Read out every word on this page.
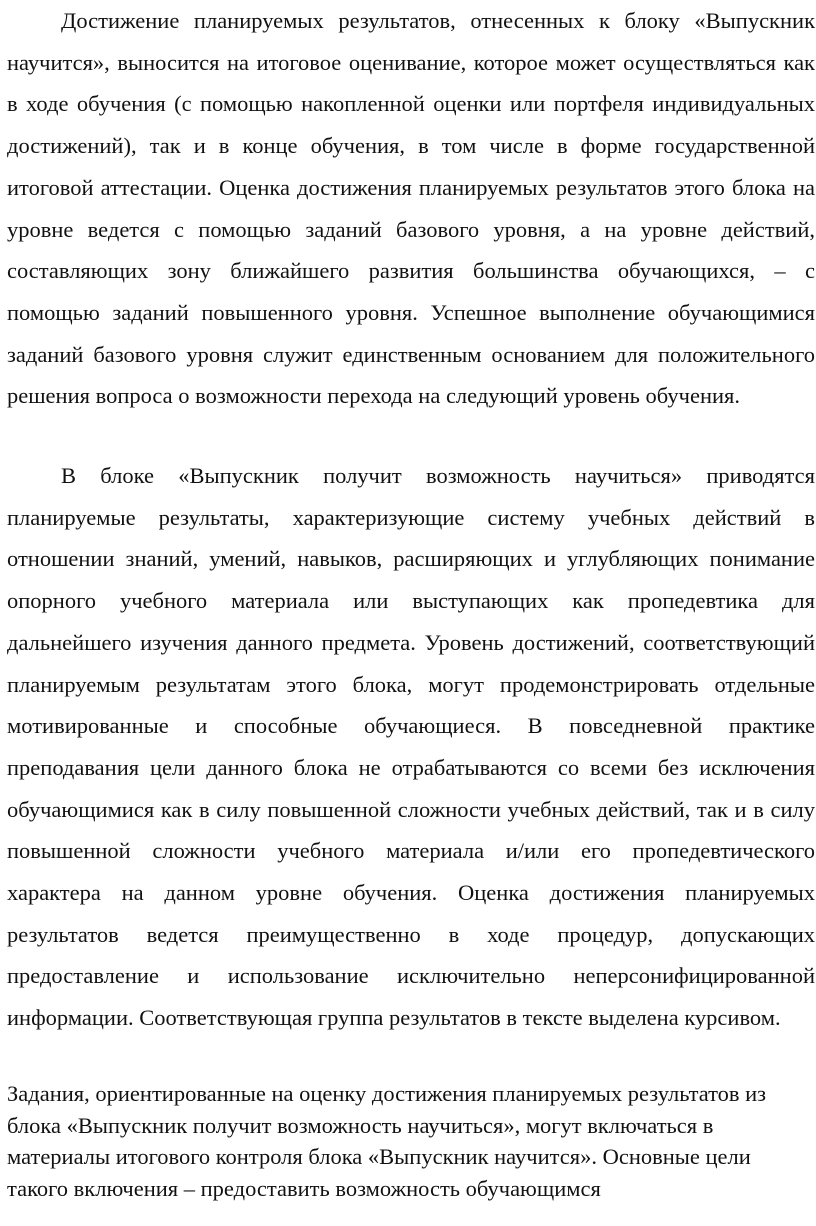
Достижение планируемых результатов, отнесенных к блоку «Выпускник научится», выносится на итоговое оценивание, которое может осуществляться как в ходе обучения (с помощью накопленной оценки или портфеля индивидуальных достижений), так и в конце обучения, в том числе в форме государственной итоговой аттестации. Оценка достижения планируемых результатов этого блока на уровне ведется с помощью заданий базового уровня, а на уровне действий, составляющих зону ближайшего развития большинства обучающихся, – с помощью заданий повышенного уровня. Успешное выполнение обучающимися заданий базового уровня служит единственным основанием для положительного решения вопроса о возможности перехода на следующий уровень обучения.

В блоке «Выпускник получит возможность научиться» приводятся планируемые результаты, характеризующие систему учебных действий в отношении знаний, умений, навыков, расширяющих и углубляющих понимание опорного учебного материала или выступающих как пропедевтика для дальнейшего изучения данного предмета. Уровень достижений, соответствующий планируемым результатам этого блока, могут продемонстрировать отдельные мотивированные и способные обучающиеся. В повседневной практике преподавания цели данного блока не отрабатываются со всеми без исключения обучающимися как в силу повышенной сложности учебных действий, так и в силу повышенной сложности учебного материала и/или его пропедевтического характера на данном уровне обучения. Оценка достижения планируемых результатов ведется преимущественно в ходе процедур, допускающих предоставление и использование исключительно неперсонифицированной информации. Соответствующая группа результатов в тексте выделена курсивом.

Задания, ориентированные на оценку достижения планируемых результатов из блока «Выпускник получит возможность научиться», могут включаться в материалы итогового контроля блока «Выпускник научится». Основные цели такого включения – предоставить возможность обучающимся
